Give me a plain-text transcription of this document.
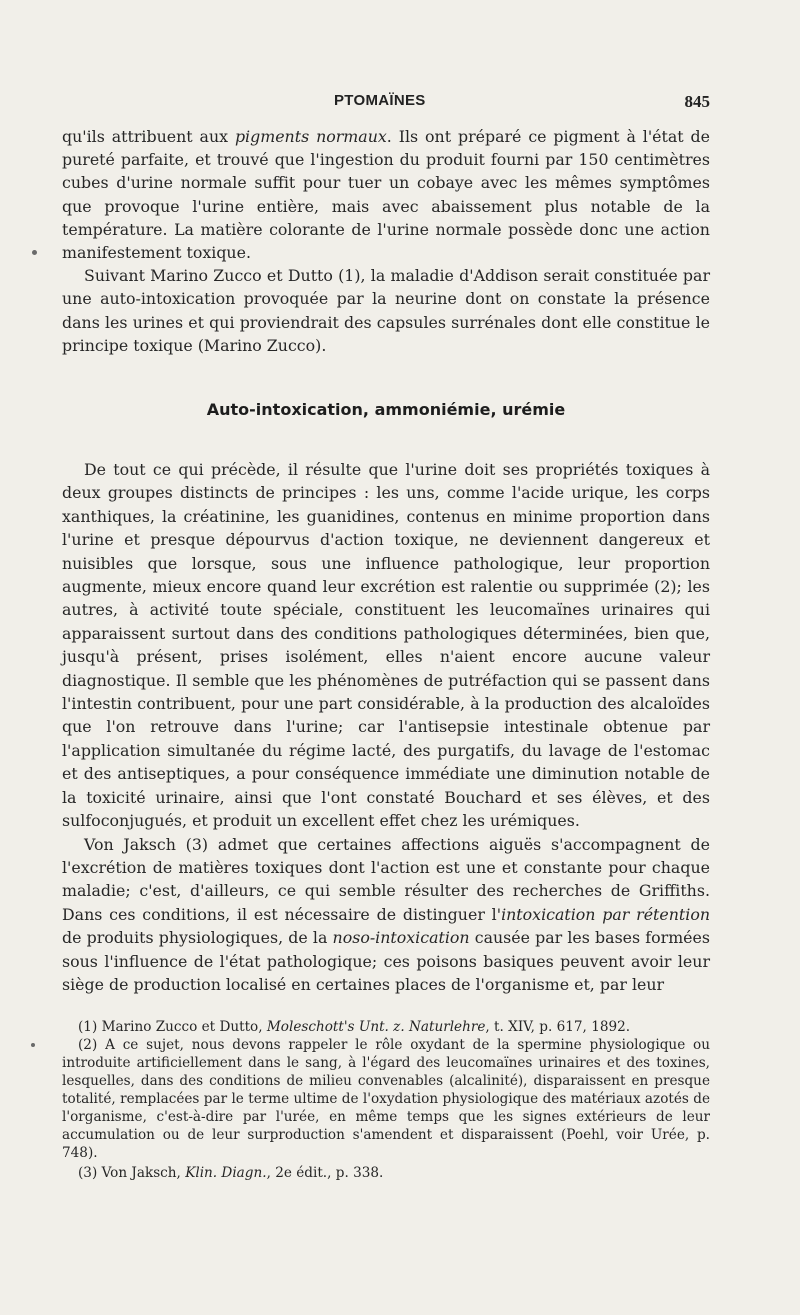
PTOMAÏNES	845

qu'ils attribuent aux pigments normaux. Ils ont préparé ce pigment à l'état de pureté parfaite, et trouvé que l'ingestion du produit fourni par 150 centimètres cubes d'urine normale suffit pour tuer un cobaye avec les mêmes symptômes que provoque l'urine entière, mais avec abaissement plus notable de la température. La matière colorante de l'urine normale possède donc une action manifestement toxique.

Suivant Marino Zucco et Dutto (1), la maladie d'Addison serait constituée par une auto-intoxication provoquée par la neurine dont on constate la présence dans les urines et qui proviendrait des capsules surrénales dont elle constitue le principe toxique (Marino Zucco).

Auto-intoxication, ammoniémie, urémie

De tout ce qui précède, il résulte que l'urine doit ses propriétés toxiques à deux groupes distincts de principes : les uns, comme l'acide urique, les corps xanthiques, la créatinine, les guanidines, contenus en minime proportion dans l'urine et presque dépourvus d'action toxique, ne deviennent dangereux et nuisibles que lorsque, sous une influence pathologique, leur proportion augmente, mieux encore quand leur excrétion est ralentie ou supprimée (2); les autres, à activité toute spéciale, constituent les leucomaïnes urinaires qui apparaissent surtout dans des conditions pathologiques déterminées, bien que, jusqu'à présent, prises isolément, elles n'aient encore aucune valeur diagnostique. Il semble que les phénomènes de putréfaction qui se passent dans l'intestin contribuent, pour une part considérable, à la production des alcaloïdes que l'on retrouve dans l'urine; car l'antisepsie intestinale obtenue par l'application simultanée du régime lacté, des purgatifs, du lavage de l'estomac et des antiseptiques, a pour conséquence immédiate une diminution notable de la toxicité urinaire, ainsi que l'ont constaté Bouchard et ses élèves, et des sulfoconjugués, et produit un excellent effet chez les urémiques.

Von Jaksch (3) admet que certaines affections aiguës s'accompagnent de l'excrétion de matières toxiques dont l'action est une et constante pour chaque maladie; c'est, d'ailleurs, ce qui semble résulter des recherches de Griffiths. Dans ces conditions, il est nécessaire de distinguer l'intoxication par rétention de produits physiologiques, de la noso-intoxication causée par les bases formées sous l'influence de l'état pathologique; ces poisons basiques peuvent avoir leur siège de production localisé en certaines places de l'organisme et, par leur

(1) Marino Zucco et Dutto, Moleschott's Unt. z. Naturlehre, t. XIV, p. 617, 1892.

(2) A ce sujet, nous devons rappeler le rôle oxydant de la spermine physiologique ou introduite artificiellement dans le sang, à l'égard des leucomaïnes urinaires et des toxines, lesquelles, dans des conditions de milieu convenables (alcalinité), disparaissent en presque totalité, remplacées par le terme ultime de l'oxydation physiologique des matériaux azotés de l'organisme, c'est-à-dire par l'urée, en même temps que les signes extérieurs de leur accumulation ou de leur surproduction s'amendent et disparaissent (Poehl, voir Urée, p. 748).

(3) Von Jaksch, Klin. Diagn., 2e édit., p. 338.
